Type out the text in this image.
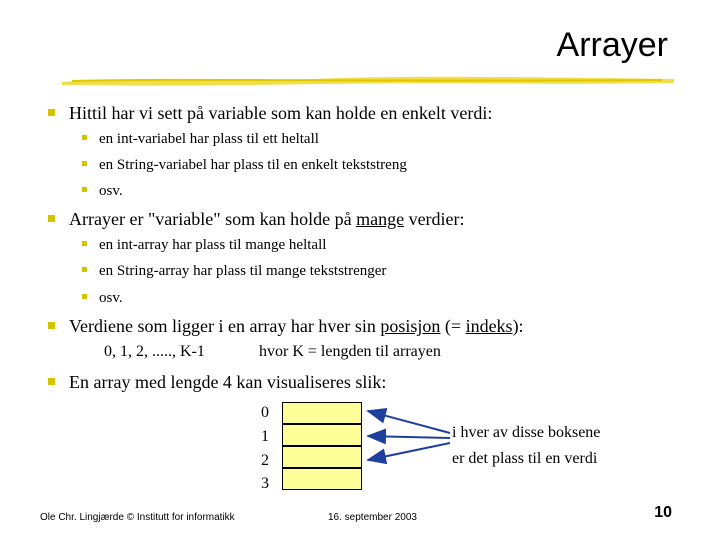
Arrayer
Hittil har vi sett på variable som kan holde en enkelt verdi:
en int-variabel har plass til ett heltall
en String-variabel har plass til en enkelt tekststreng
osv.
Arrayer er "variable" som kan holde på mange verdier:
en int-array har plass til mange heltall
en String-array har plass til mange tekststrenger
osv.
Verdiene som ligger i en array har hver sin posisjon (= indeks):
0, 1, 2, ....., K-1	hvor K = lengden til arrayen
En array med lengde 4 kan visualiseres slik:
0
1
2
3
i hver av disse boksene
er det plass til en verdi
Ole Chr. Lingjærde © Institutt for informatikk	16. september 2003	10
